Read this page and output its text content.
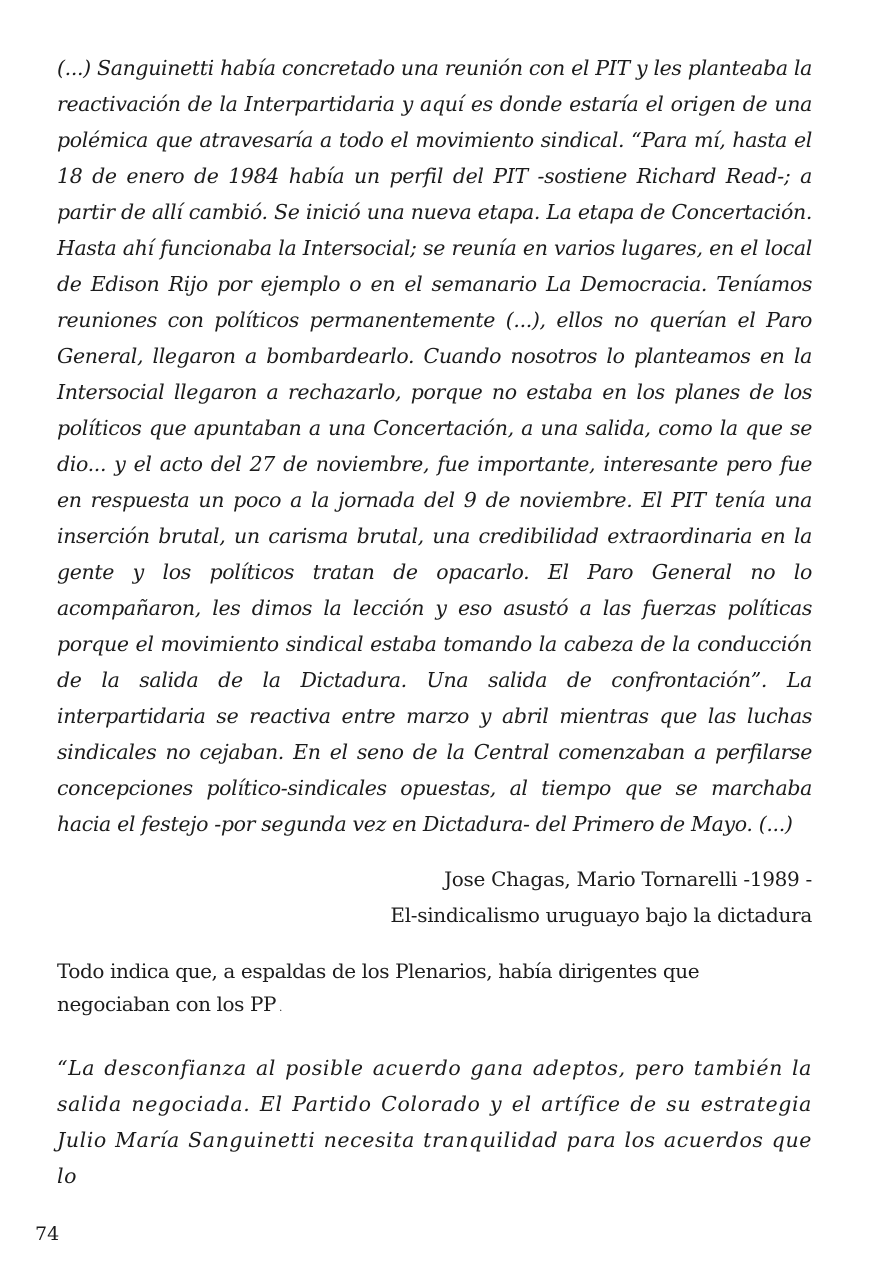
(...) Sanguinetti había concretado una reunión con el PIT y les planteaba la reactivación de la Interpartidaria y aquí es donde estaría el origen de una polémica que atravesaría a todo el movimiento sindical. “Para mí, hasta el 18 de enero de 1984 había un perfil del PIT -sostiene Richard Read-; a partir de allí cambió. Se inició una nueva etapa. La etapa de Concertación. Hasta ahí funcionaba la Intersocial; se reunía en varios lugares, en el local de Edison Rijo por ejemplo o en el semanario La Democracia. Teníamos reuniones con políticos permanentemente (...), ellos no querían el Paro General, llegaron a bombardearlo. Cuando nosotros lo planteamos en la Intersocial llegaron a rechazarlo, porque no estaba en los planes de los políticos que apuntaban a una Concertación, a una salida, como la que se dio... y el acto del 27 de noviembre, fue importante, interesante pero fue en respuesta un poco a la jornada del 9 de noviembre. El PIT tenía una inserción brutal, un carisma brutal, una credibilidad extraordinaria en la gente y los políticos tratan de opacarlo. El Paro General no lo acompañaron, les dimos la lección y eso asustó a las fuerzas políticas porque el movimiento sindical estaba tomando la cabeza de la conducción de la salida de la Dictadura. Una salida de confrontación”. La interpartidaria se reactiva entre marzo y abril mientras que las luchas sindicales no cejaban. En el seno de la Central comenzaban a perfilarse concepciones político-sindicales opuestas, al tiempo que se marchaba hacia el festejo -por segunda vez en Dictadura- del Primero de Mayo. (...)

Jose Chagas, Mario Tornarelli -1989 -
El-sindicalismo uruguayo bajo la dictadura

Todo indica que, a espaldas de los Plenarios, había dirigentes que negociaban con los PP .

“La desconfianza al posible acuerdo gana adeptos, pero también la salida negociada. El Partido Colorado y el artífice de su estrategia Julio María Sanguinetti necesita tranquilidad para los acuerdos que lo

74
